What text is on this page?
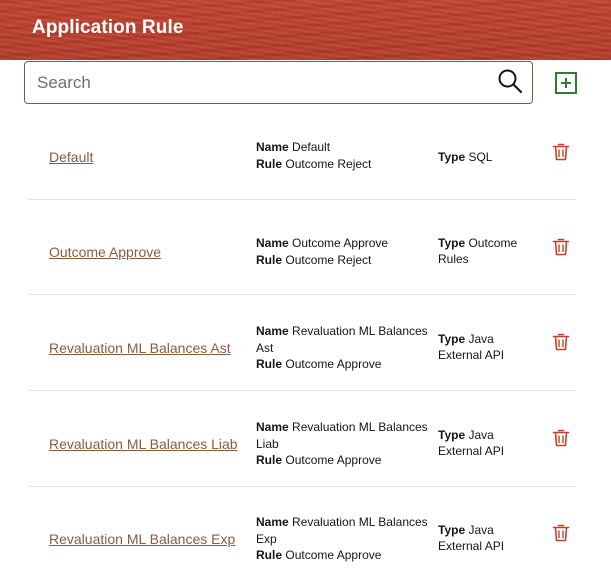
Application Rule
Search
Default
Name Default
Rule Outcome Reject	Type SQL
Outcome Approve
Name Outcome Approve
Rule Outcome Reject
Type Outcome Rules
Revaluation ML Balances Ast
Name Revaluation ML Balances Ast
Rule Outcome Approve
Type Java External API
Revaluation ML Balances Liab
Name Revaluation ML Balances Liab
Rule Outcome Approve
Type Java External API
Revaluation ML Balances Exp
Name Revaluation ML Balances Exp
Rule Outcome Approve
Type Java External API
